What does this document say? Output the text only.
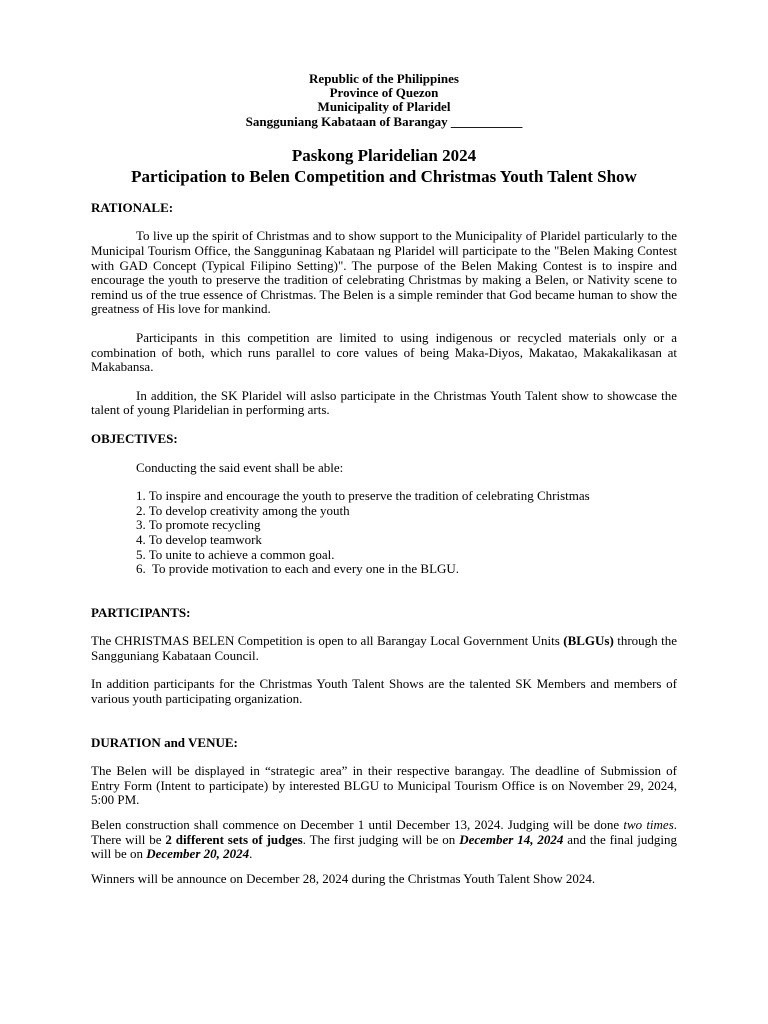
Republic of the Philippines
Province of Quezon
Municipality of Plaridel
Sangguniang Kabataan of Barangay ___________
Paskong Plaridelian 2024
Participation to Belen Competition and Christmas Youth Talent Show
RATIONALE:
To live up the spirit of Christmas and to show support to the Municipality of Plaridel particularly to the Municipal Tourism Office, the Sangguninag Kabataan ng Plaridel will participate to the "Belen Making Contest with GAD Concept (Typical Filipino Setting)". The purpose of the Belen Making Contest is to inspire and encourage the youth to preserve the tradition of celebrating Christmas by making a Belen, or Nativity scene to remind us of the true essence of Christmas. The Belen is a simple reminder that God became human to show the greatness of His love for mankind.
Participants in this competition are limited to using indigenous or recycled materials only or a combination of both, which runs parallel to core values of being Maka-Diyos, Makatao, Makakalikasan at Makabansa.
In addition, the SK Plaridel will aslso participate in the Christmas Youth Talent show to showcase the talent of young Plaridelian in performing arts.
OBJECTIVES:
Conducting the said event shall be able:
1. To inspire and encourage the youth to preserve the tradition of celebrating Christmas
2. To develop creativity among the youth
3. To promote recycling
4. To develop teamwork
5. To unite to achieve a common goal.
6.  To provide motivation to each and every one in the BLGU.
PARTICIPANTS:
The CHRISTMAS BELEN Competition is open to all Barangay Local Government Units (BLGUs) through the Sangguniang Kabataan Council.
In addition participants for the Christmas Youth Talent Shows are the talented SK Members and members of various youth participating organization.
DURATION and VENUE:
The Belen will be displayed in “strategic area” in their respective barangay. The deadline of Submission of Entry Form (Intent to participate) by interested BLGU to Municipal Tourism Office is on November 29, 2024, 5:00 PM.
Belen construction shall commence on December 1 until December 13, 2024. Judging will be done two times. There will be 2 different sets of judges. The first judging will be on December 14, 2024 and the final judging will be on December 20, 2024.
Winners will be announce on December 28, 2024 during the Christmas Youth Talent Show 2024.
